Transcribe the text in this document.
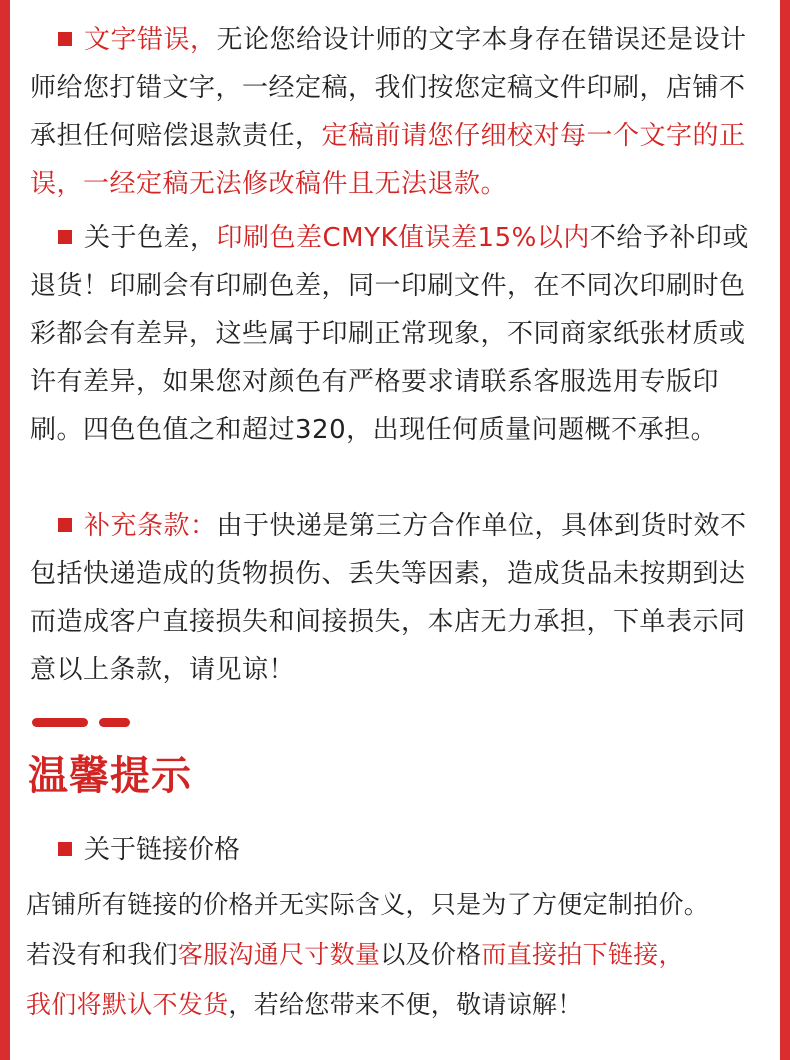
文字错误，无论您给设计师的文字本身存在错误还是设计师给您打错文字，一经定稿，我们按您定稿文件印刷，店铺不承担任何赔偿退款责任，定稿前请您仔细校对每一个文字的正误，一经定稿无法修改稿件且无法退款。
关于色差，印刷色差CMYK值误差15%以内不给予补印或退货！印刷会有印刷色差，同一印刷文件，在不同次印刷时色彩都会有差异，这些属于印刷正常现象，不同商家纸张材质或许有差异，如果您对颜色有严格要求请联系客服选用专版印刷。四色色值之和超过320，出现任何质量问题概不承担。
补充条款：由于快递是第三方合作单位，具体到货时效不包括快递造成的货物损伤、丢失等因素，造成货品未按期到达而造成客户直接损失和间接损失，本店无力承担，下单表示同意以上条款，请见谅！
温馨提示
关于链接价格
店铺所有链接的价格并无实际含义，只是为了方便定制拍价。
若没有和我们客服沟通尺寸数量以及价格而直接拍下链接，
我们将默认不发货，若给您带来不便，敬请谅解！
